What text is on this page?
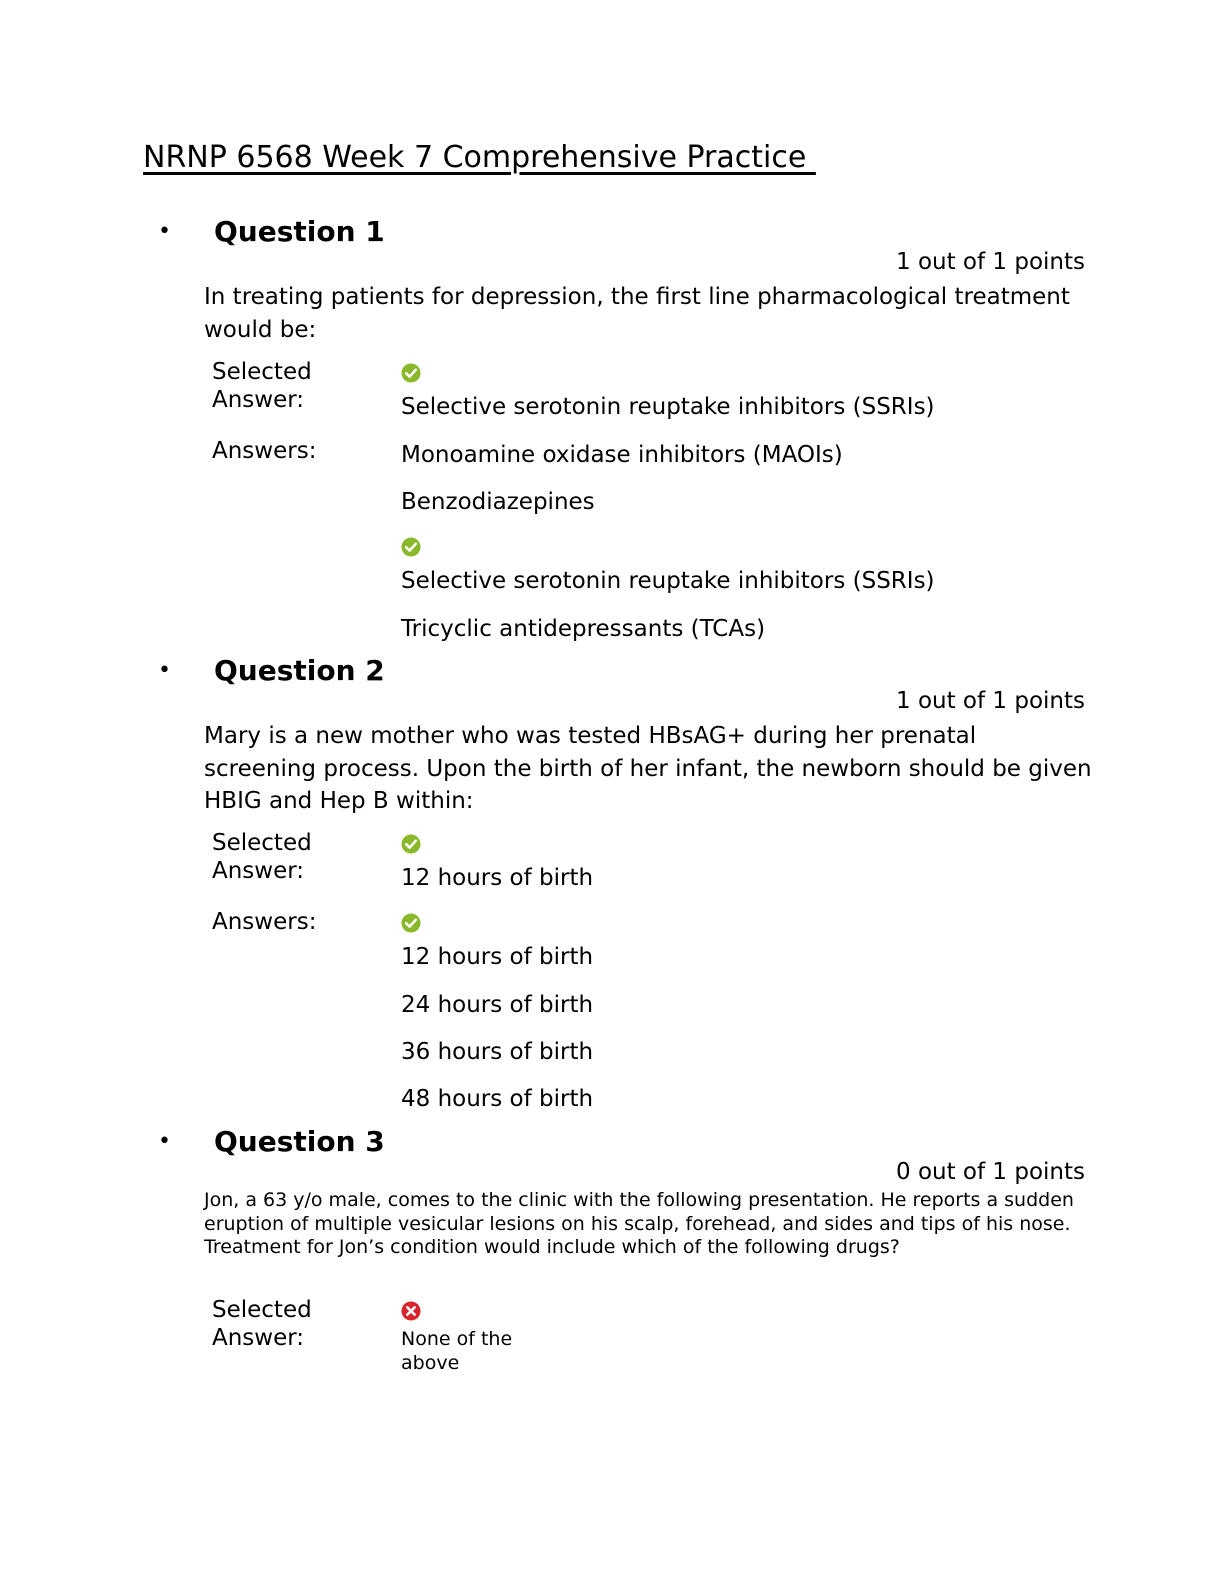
NRNP 6568 Week 7 Comprehensive Practice
•	Question 1
1 out of 1 points

In treating patients for depression, the first line pharmacological treatment would be:

Selected Answer:	Selective serotonin reuptake inhibitors (SSRIs)
Answers:	Monoamine oxidase inhibitors (MAOIs)
Benzodiazepines
Selective serotonin reuptake inhibitors (SSRIs)
Tricyclic antidepressants (TCAs)
•	Question 2
1 out of 1 points

Mary is a new mother who was tested HBsAG+ during her prenatal screening process. Upon the birth of her infant, the newborn should be given HBIG and Hep B within:

Selected Answer:	12 hours of birth
Answers:
12 hours of birth
24 hours of birth
36 hours of birth
48 hours of birth
•	Question 3
0 out of 1 points

Jon, a 63 y/o male, comes to the clinic with the following presentation. He reports a sudden eruption of multiple vesicular lesions on his scalp, forehead, and sides and tips of his nose. Treatment for Jon’s condition would include which of the following drugs?

Selected Answer:	None of the above
